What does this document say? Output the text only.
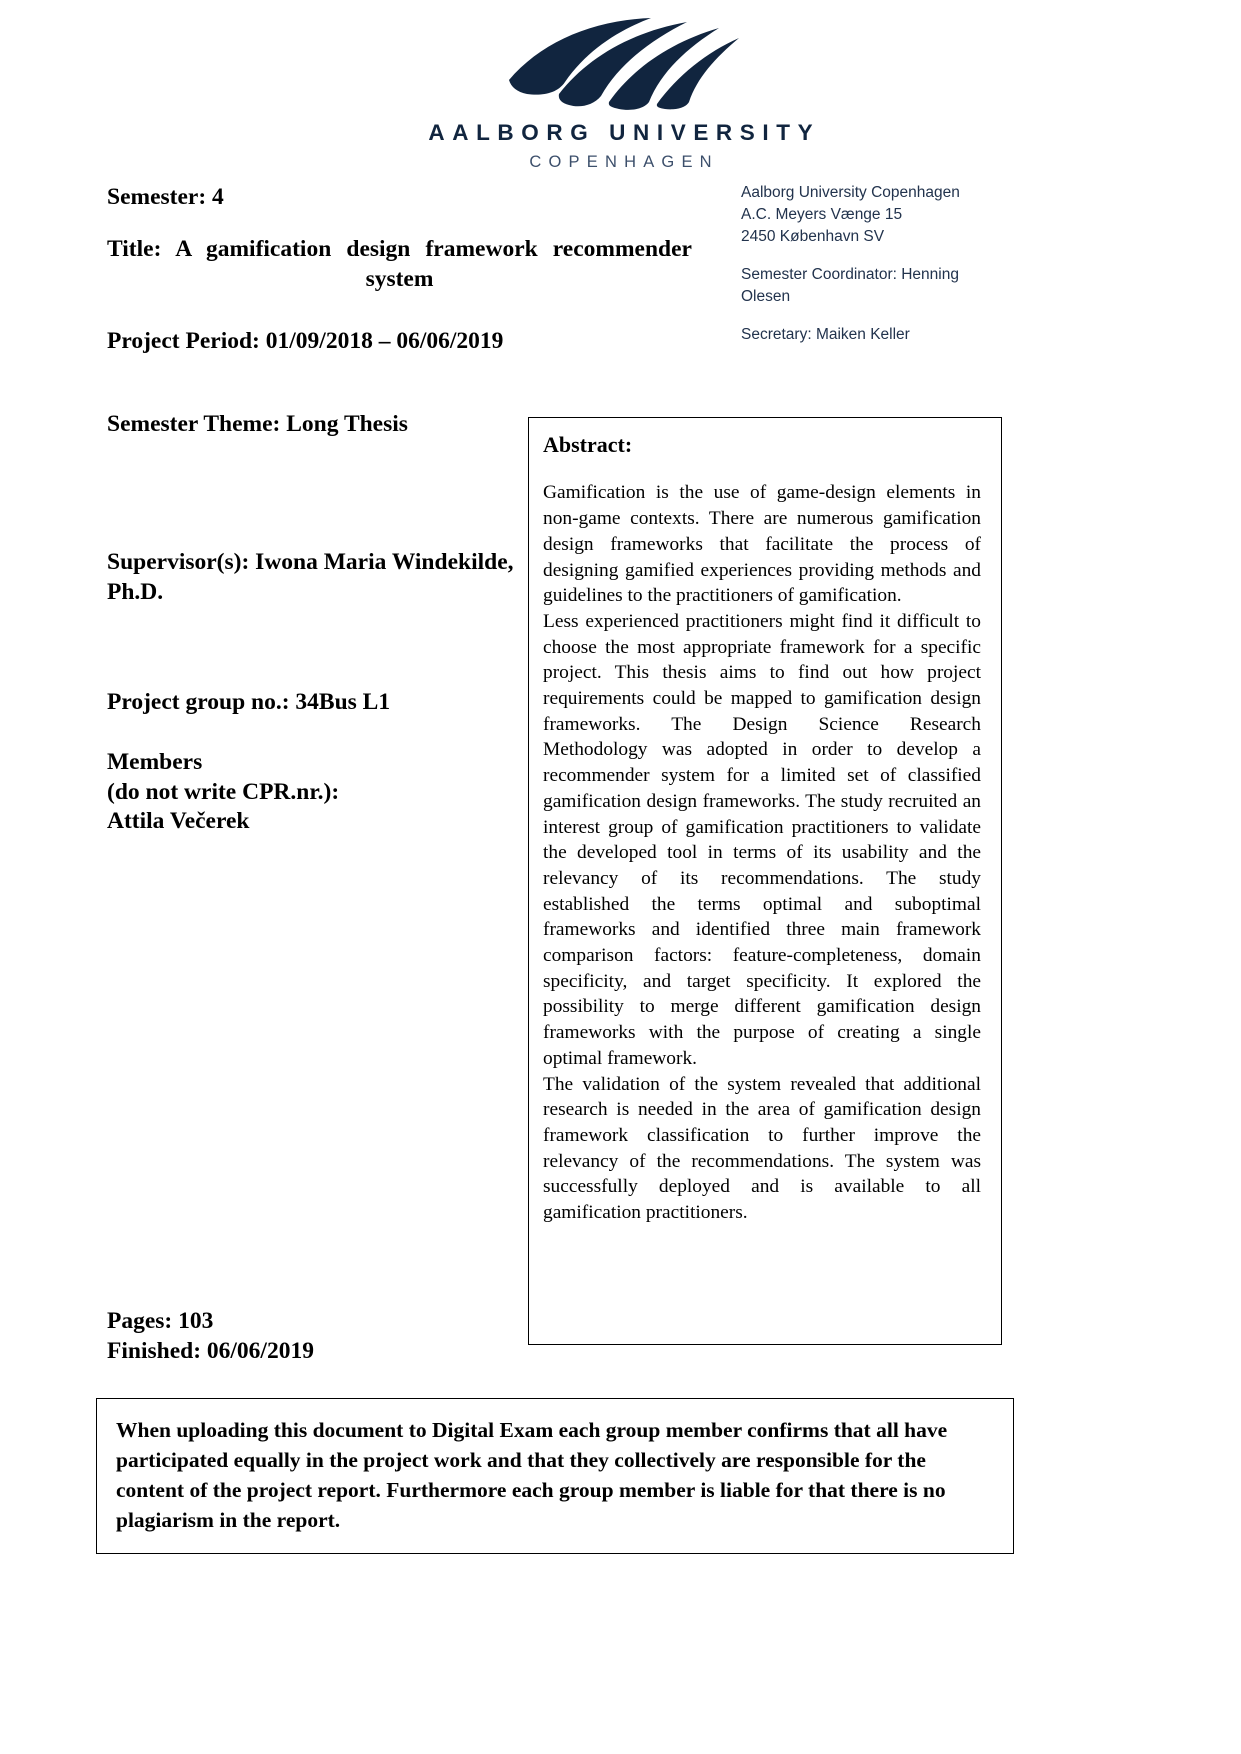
AALBORG UNIVERSITY
COPENHAGEN
Semester: 4
Title: A gamification design framework recommender system
Project Period: 01/09/2018 – 06/06/2019
Semester Theme: Long Thesis
Supervisor(s): Iwona Maria Windekilde, Ph.D.
Project group no.: 34Bus L1
Members
(do not write CPR.nr.):
Attila Večerek
Pages: 103
Finished: 06/06/2019
Aalborg University Copenhagen
A.C. Meyers Vænge 15
2450 København SV
Semester Coordinator: Henning
Olesen
Secretary: Maiken Keller
Abstract:

Gamification is the use of game-design elements in non-game contexts. There are numerous gamification design frameworks that facilitate the process of designing gamified experiences providing methods and guidelines to the practitioners of gamification.

Less experienced practitioners might find it difficult to choose the most appropriate framework for a specific project. This thesis aims to find out how project requirements could be mapped to gamification design frameworks. The Design Science Research Methodology was adopted in order to develop a recommender system for a limited set of classified gamification design frameworks. The study recruited an interest group of gamification practitioners to validate the developed tool in terms of its usability and the relevancy of its recommendations. The study established the terms optimal and suboptimal frameworks and identified three main framework comparison factors: feature-completeness, domain specificity, and target specificity. It explored the possibility to merge different gamification design frameworks with the purpose of creating a single optimal framework.

The validation of the system revealed that additional research is needed in the area of gamification design framework classification to further improve the relevancy of the recommendations. The system was successfully deployed and is available to all gamification practitioners.

When uploading this document to Digital Exam each group member confirms that all have participated equally in the project work and that they collectively are responsible for the content of the project report. Furthermore each group member is liable for that there is no plagiarism in the report.
